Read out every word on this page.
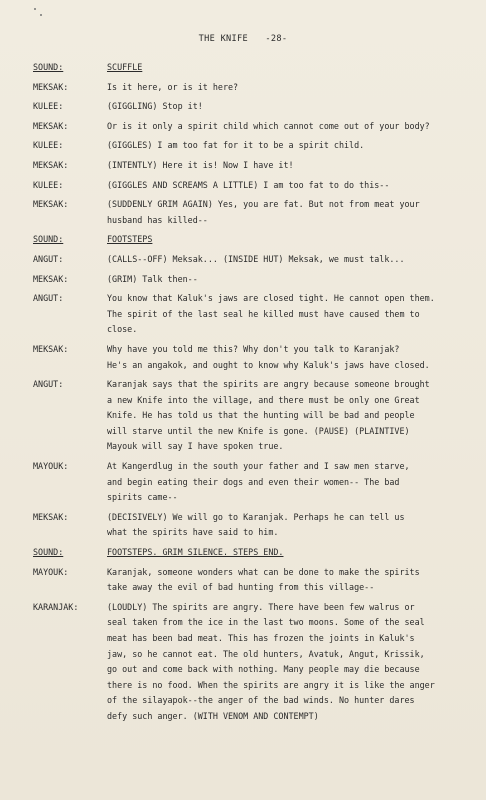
THE KNIFE -28-
SOUND:	SCUFFLE
MEKSAK:	Is it here, or is it here?
KULEE:	(GIGGLING) Stop it!
MEKSAK:	Or is it only a spirit child which cannot come out of your body?
KULEE:	(GIGGLES) I am too fat for it to be a spirit child.
MEKSAK:	(INTENTLY) Here it is! Now I have it!
KULEE:	(GIGGLES AND SCREAMS A LITTLE) I am too fat to do this--
MEKSAK:	(SUDDENLY GRIM AGAIN) Yes, you are fat. But not from meat your
husband has killed--
SOUND:	FOOTSTEPS
ANGUT:	(CALLS--OFF) Meksak... (INSIDE HUT) Meksak, we must talk...
MEKSAK:	(GRIM) Talk then--
ANGUT:	You know that Kaluk's jaws are closed tight. He cannot open them.
The spirit of the last seal he killed must have caused them to
close.
MEKSAK:	Why have you told me this? Why don't you talk to Karanjak?
He's an angakok, and ought to know why Kaluk's jaws have closed.
ANGUT:	Karanjak says that the spirits are angry because someone brought
a new Knife into the village, and there must be only one Great
Knife. He has told us that the hunting will be bad and people
will starve until the new Knife is gone. (PAUSE) (PLAINTIVE)
Mayouk will say I have spoken true.
MAYOUK:	At Kangerdlug in the south your father and I saw men starve,
and begin eating their dogs and even their women-- The bad
spirits came--
MEKSAK:	(DECISIVELY) We will go to Karanjak. Perhaps he can tell us
what the spirits have said to him.
SOUND:	FOOTSTEPS. GRIM SILENCE. STEPS END.
MAYOUK:	Karanjak, someone wonders what can be done to make the spirits
take away the evil of bad hunting from this village--
KARANJAK:	(LOUDLY) The spirits are angry. There have been few walrus or
seal taken from the ice in the last two moons. Some of the seal
meat has been bad meat. This has frozen the joints in Kaluk's
jaw, so he cannot eat. The old hunters, Avatuk, Angut, Krissik,
go out and come back with nothing. Many people may die because
there is no food. When the spirits are angry it is like the anger
of the silayapok--the anger of the bad winds. No hunter dares
defy such anger. (WITH VENOM AND CONTEMPT)
